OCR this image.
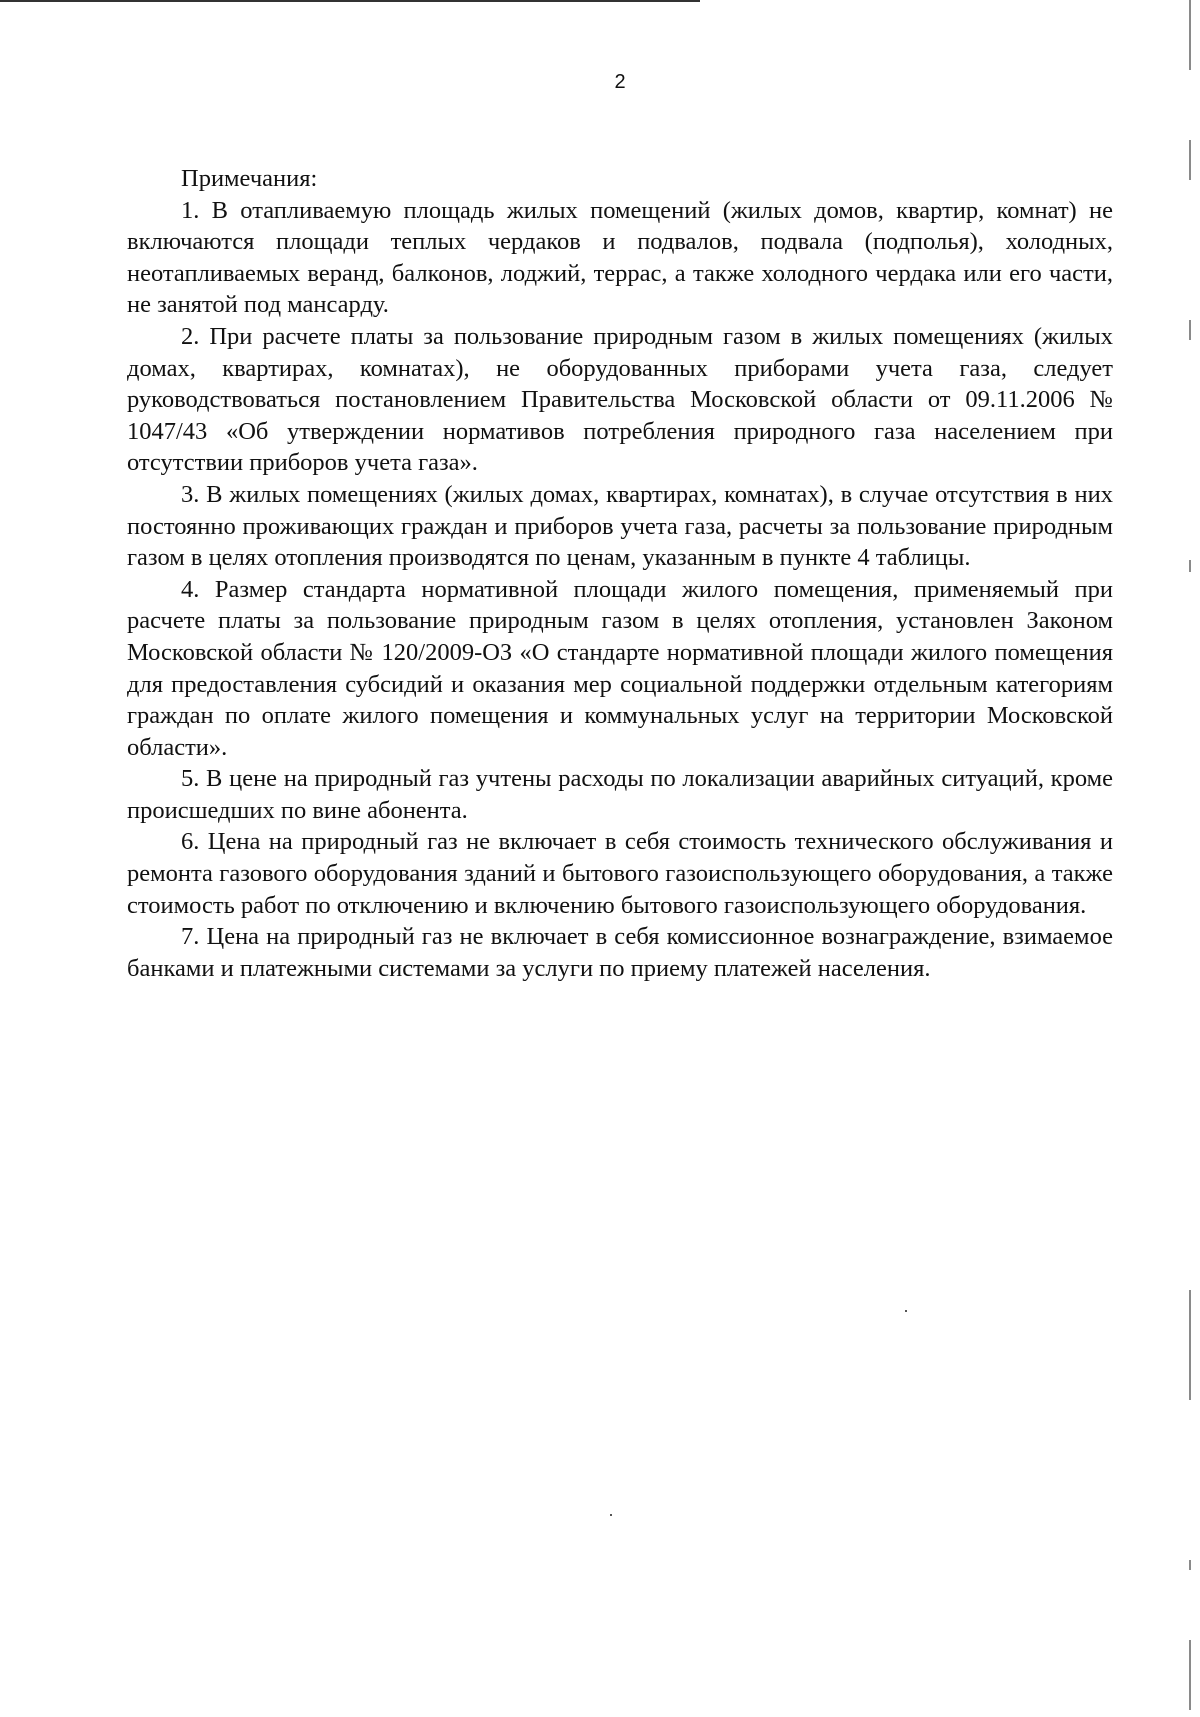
2

Примечания:

1. В отапливаемую площадь жилых помещений (жилых домов, квартир, комнат) не включаются площади теплых чердаков и подвалов, подвала (подполья), холодных, неотапливаемых веранд, балконов, лоджий, террас, а также холодного чердака или его части, не занятой под мансарду.

2. При расчете платы за пользование природным газом в жилых помещениях (жилых домах, квартирах, комнатах), не оборудованных приборами учета газа, следует руководствоваться постановлением Правительства Московской области от 09.11.2006 № 1047/43 «Об утверждении нормативов потребления природного газа населением при отсутствии приборов учета газа».

3. В жилых помещениях (жилых домах, квартирах, комнатах), в случае отсутствия в них постоянно проживающих граждан и приборов учета газа, расчеты за пользование природным газом в целях отопления производятся по ценам, указанным в пункте 4 таблицы.

4. Размер стандарта нормативной площади жилого помещения, применяемый при расчете платы за пользование природным газом в целях отопления, установлен Законом Московской области № 120/2009-ОЗ «О стандарте нормативной площади жилого помещения для предоставления субсидий и оказания мер социальной поддержки отдельным категориям граждан по оплате жилого помещения и коммунальных услуг на территории Московской области».

5. В цене на природный газ учтены расходы по локализации аварийных ситуаций, кроме происшедших по вине абонента.

6. Цена на природный газ не включает в себя стоимость технического обслуживания и ремонта газового оборудования зданий и бытового газоиспользующего оборудования, а также стоимость работ по отключению и включению бытового газоиспользующего оборудования.

7. Цена на природный газ не включает в себя комиссионное вознаграждение, взимаемое банками и платежными системами за услуги по приему платежей населения.
